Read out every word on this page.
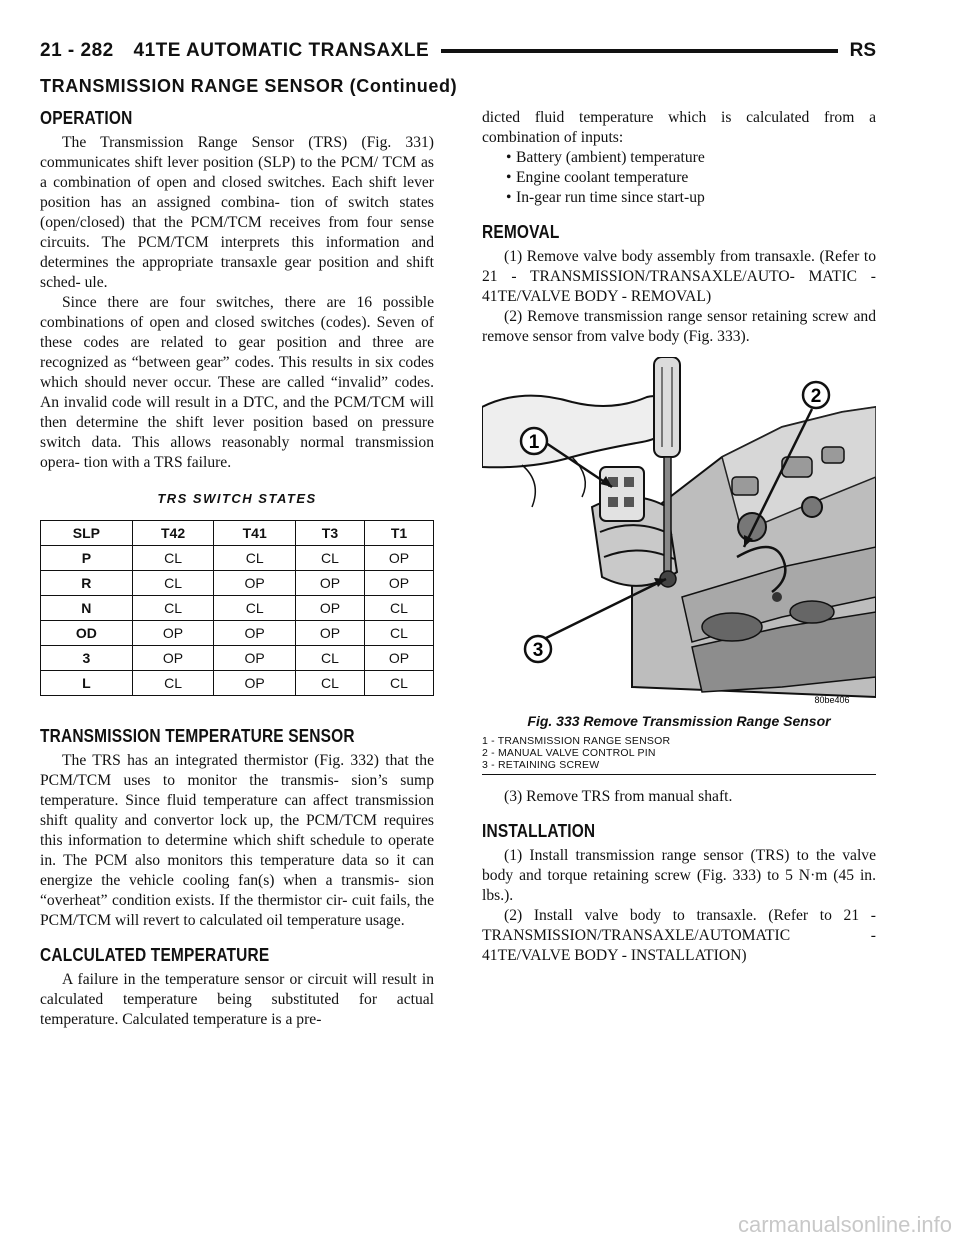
21 - 282 41TE AUTOMATIC TRANSAXLE	RS
TRANSMISSION RANGE SENSOR (Continued)
OPERATION

The Transmission Range Sensor (TRS) (Fig. 331) communicates shift lever position (SLP) to the PCM/ TCM as a combination of open and closed switches. Each shift lever position has an assigned combina- tion of switch states (open/closed) that the PCM/TCM receives from four sense circuits. The PCM/TCM interprets this information and determines the appropriate transaxle gear position and shift sched- ule.

Since there are four switches, there are 16 possible combinations of open and closed switches (codes). Seven of these codes are related to gear position and three are recognized as “between gear” codes. This results in six codes which should never occur. These are called “invalid” codes. An invalid code will result in a DTC, and the PCM/TCM will then determine the shift lever position based on pressure switch data. This allows reasonably normal transmission opera- tion with a TRS failure.

TRS SWITCH STATES
SLP	T42	T41	T3	T1
P	CL	CL	CL	OP
R	CL	OP	OP	OP
N	CL	CL	OP	CL
OD	OP	OP	OP	CL
3	OP	OP	CL	OP
L	CL	OP	CL	CL
TRANSMISSION TEMPERATURE SENSOR

The TRS has an integrated thermistor (Fig. 332) that the PCM/TCM uses to monitor the transmis- sion’s sump temperature. Since fluid temperature can affect transmission shift quality and convertor lock up, the PCM/TCM requires this information to determine which shift schedule to operate in. The PCM also monitors this temperature data so it can energize the vehicle cooling fan(s) when a transmis- sion “overheat” condition exists. If the thermistor cir- cuit fails, the PCM/TCM will revert to calculated oil temperature usage.

CALCULATED TEMPERATURE

A failure in the temperature sensor or circuit will result in calculated temperature being substituted for actual temperature. Calculated temperature is a pre-

dicted fluid temperature which is calculated from a combination of inputs:

• Battery (ambient) temperature
• Engine coolant temperature
• In-gear run time since start-up
REMOVAL

(1) Remove valve body assembly from transaxle. (Refer to 21 - TRANSMISSION/TRANSAXLE/AUTO- MATIC - 41TE/VALVE BODY - REMOVAL)

(2) Remove transmission range sensor retaining screw and remove sensor from valve body (Fig. 333).

1
2
3
80be406
Fig. 333 Remove Transmission Range Sensor
1 - TRANSMISSION RANGE SENSOR
2 - MANUAL VALVE CONTROL PIN
3 - RETAINING SCREW

(3) Remove TRS from manual shaft.

INSTALLATION

(1) Install transmission range sensor (TRS) to the valve body and torque retaining screw (Fig. 333) to 5 N·m (45 in. lbs.).

(2) Install valve body to transaxle. (Refer to 21 - TRANSMISSION/TRANSAXLE/AUTOMATIC - 41TE/VALVE BODY - INSTALLATION)

carmanualsonline.info
